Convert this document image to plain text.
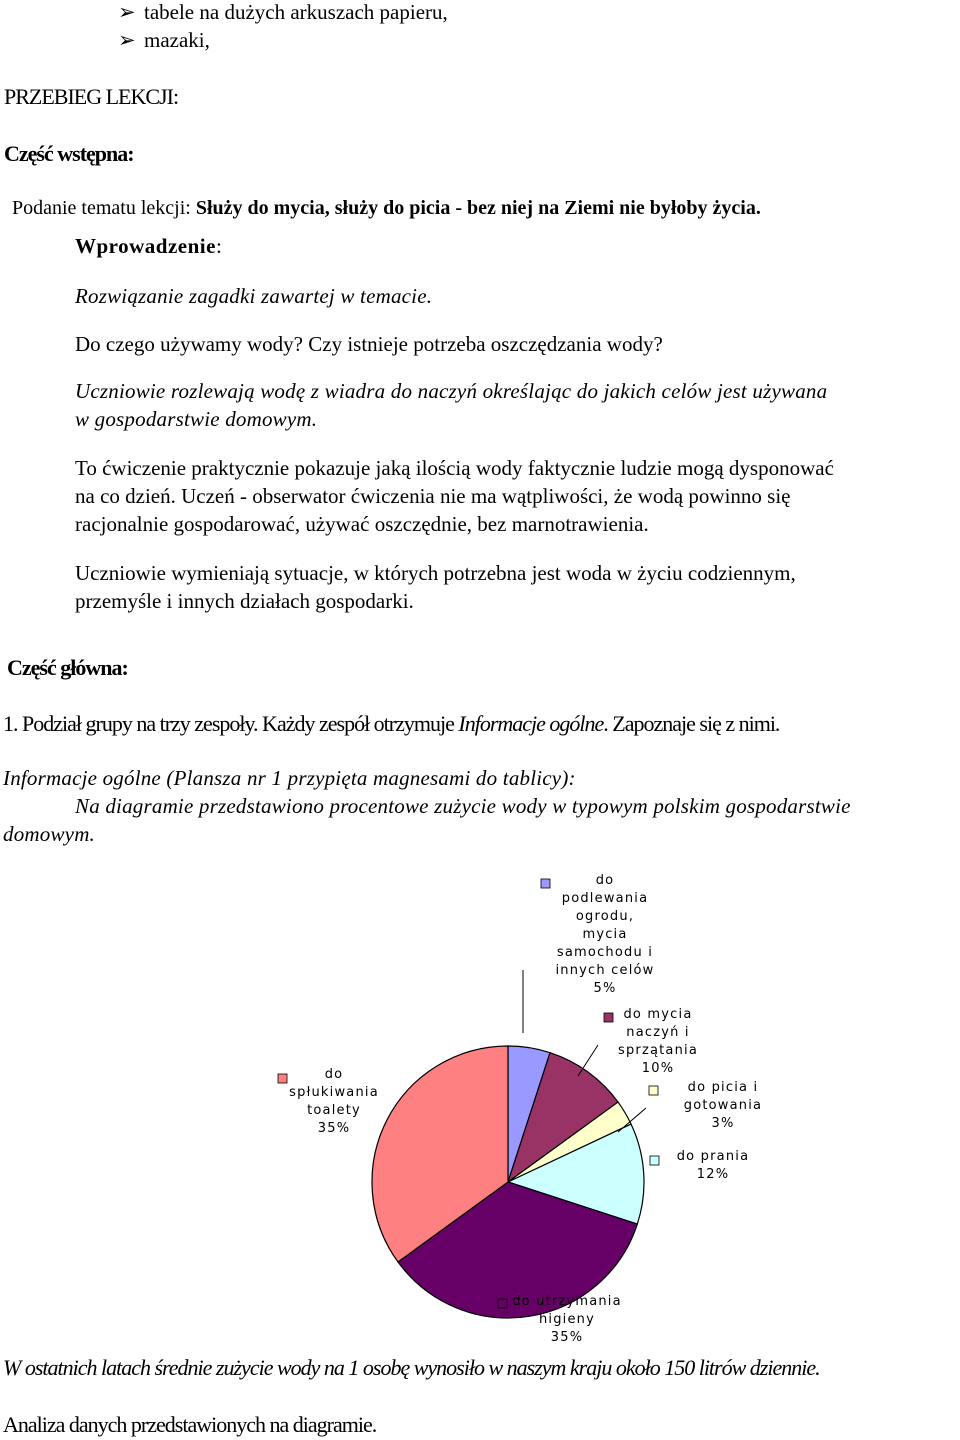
➢ tabele na dużych arkuszach papieru,
➢ mazaki,
PRZEBIEG LEKCJI:
Część wstępna:
Podanie tematu lekcji: Służy do mycia, służy do picia - bez niej na Ziemi nie byłoby życia.
Wprowadzenie:
Rozwiązanie zagadki zawartej w temacie.
Do czego używamy wody? Czy istnieje potrzeba oszczędzania wody?
Uczniowie rozlewają wodę z wiadra do naczyń określając do jakich celów jest używana
w gospodarstwie domowym.
To ćwiczenie praktycznie pokazuje jaką ilością wody faktycznie ludzie mogą dysponować
na co dzień. Uczeń - obserwator ćwiczenia nie ma wątpliwości, że wodą powinno się
racjonalnie gospodarować, używać oszczędnie, bez marnotrawienia.
Uczniowie wymieniają sytuacje, w których potrzebna jest woda w życiu codziennym,
przemyśle i innych działach gospodarki.
Część główna:
1. Podział grupy na trzy zespoły. Każdy zespół otrzymuje Informacje ogólne. Zapoznaje się z nimi.
Informacje ogólne (Plansza nr 1 przypięta magnesami do tablicy):
Na diagramie przedstawiono procentowe zużycie wody w typowym polskim gospodarstwie
domowym.
do podlewania ogrodu, mycia samochodu i innych celów 5%
do mycia naczyń i sprzątania 10%
do picia i gotowania 3%
do prania 12%
do utrzymania higieny 35%
do spłukiwania toalety 35%
W ostatnich latach średnie zużycie wody na 1 osobę wynosiło w naszym kraju około 150 litrów dziennie.
Analiza danych przedstawionych na diagramie.
